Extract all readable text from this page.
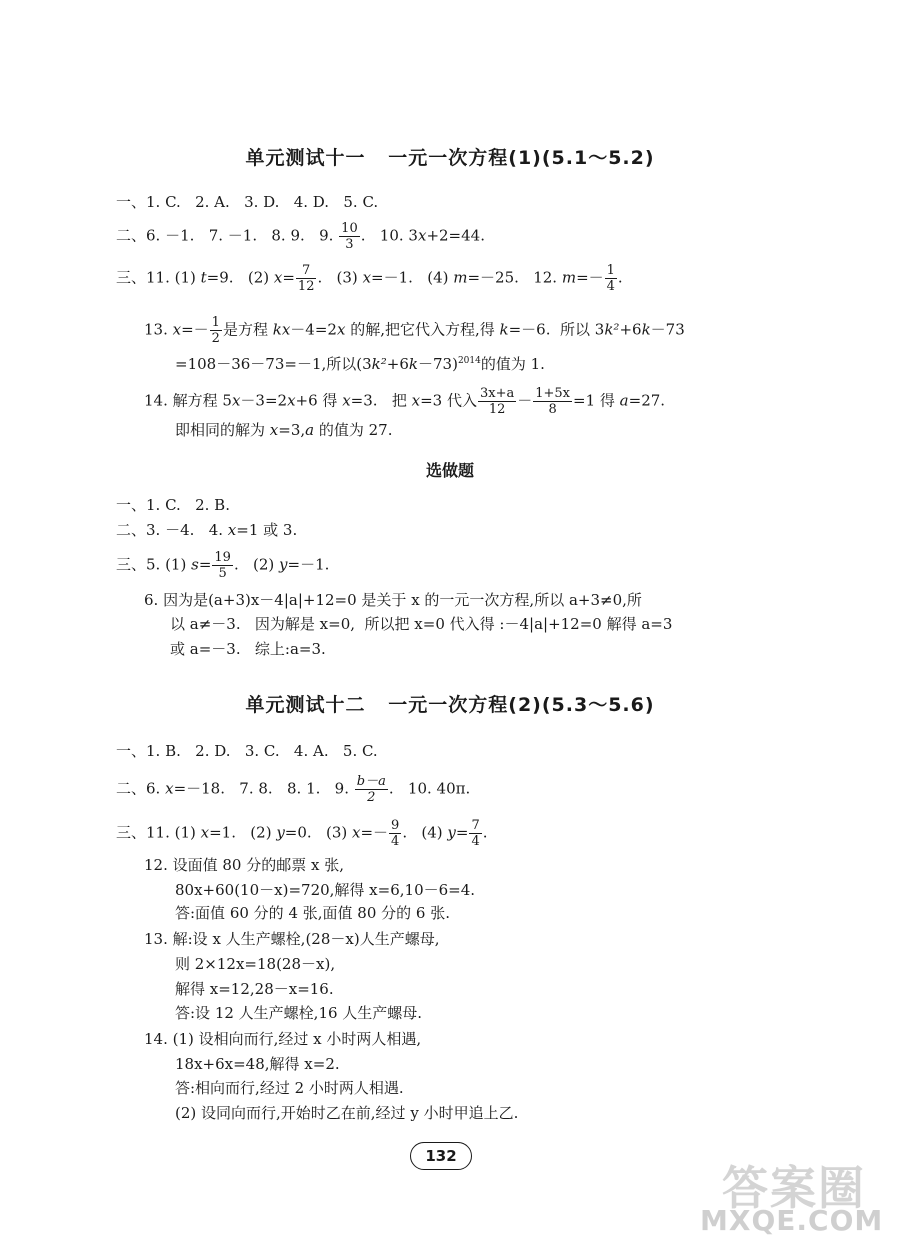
单元测试十一   一元一次方程(1)(5.1～5.2)
一、1. C.   2. A.   3. D.   4. D.   5. C.
二、6. －1.   7. －1.   8. 9.   9. $\frac{10}{3}$ .   10. 3x+2=44.
三、11. (1) t=9.   (2) $x= \frac{7}{12}$ .   (3) x=－1.   (4) m=－25.   12. $m=- \frac{1}{4}$ .
13. $x=- \frac{1}{2}$ 是方程 kx－4=2x 的解,把它代入方程,得 k=－6.  所以 3k²+6k－73
=108－36－73=－1,所以$(3k^2+6k-73)^{2014}$的值为 1.
14. 解方程 5x－3=2x+6 得 x=3.   把 x=3 代入 $\frac{3x+a}{12} - \frac{1+5x}{8} =1$ 得 a=27.
即相同的解为 x=3,a 的值为 27.
选做题
一、1. C.   2. B.
二、3. －4.   4. x=1 或 3.
三、5. (1) $s= \frac{19}{5}$ .   (2) y=－1.
6. 因为是(a+3)x－4|a|+12=0 是关于 x 的一元一次方程,所以 a+3≠0,所
以 a≠－3.   因为解是 x=0,  所以把 x=0 代入得 :－4|a|+12=0 解得 a=3
或 a=－3.   综上:a=3.
单元测试十二   一元一次方程(2)(5.3～5.6)
一、1. B.   2. D.   3. C.   4. A.   5. C.
二、6. x=－18.   7. 8.   8. 1.   9. $\frac{b-a}{2}$ .   10. 40π.
三、11. (1) x=1.   (2) y=0.   (3) $x=- \frac{9}{4}$ .   (4) $y= \frac{7}{4}$ .
12. 设面值 80 分的邮票 x 张,
80x+60(10－x)=720,解得 x=6,10－6=4.
答:面值 60 分的 4 张,面值 80 分的 6 张.
13. 解:设 x 人生产螺栓,(28－x)人生产螺母,
则 2×12x=18(28－x),
解得 x=12,28－x=16.
答:设 12 人生产螺栓,16 人生产螺母.
14. (1) 设相向而行,经过 x 小时两人相遇,
18x+6x=48,解得 x=2.
答:相向而行,经过 2 小时两人相遇.
(2) 设同向而行,开始时乙在前,经过 y 小时甲追上乙.
132
答案圈
MXQE.COM
